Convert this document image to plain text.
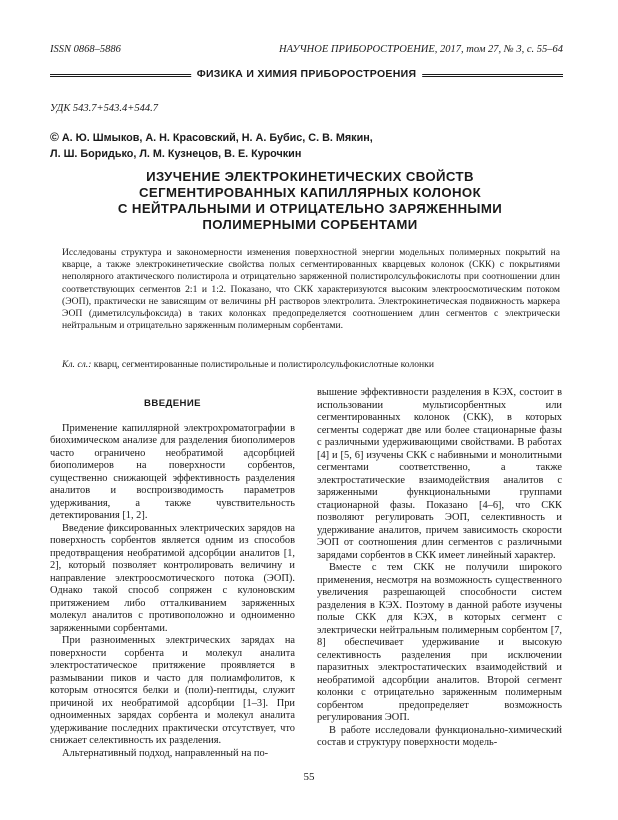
ISSN 0868–5886	НАУЧНОЕ ПРИБОРОСТРОЕНИЕ, 2017, том 27, № 3, c. 55–64
ФИЗИКА И ХИМИЯ ПРИБОРОСТРОЕНИЯ
УДК 543.7+543.4+544.7
© А. Ю. Шмыков, А. Н. Красовский, Н. А. Бубис, С. В. Мякин,
Л. Ш. Боридько, Л. М. Кузнецов, В. Е. Курочкин
ИЗУЧЕНИЕ ЭЛЕКТРОКИНЕТИЧЕСКИХ СВОЙСТВ
СЕГМЕНТИРОВАННЫХ КАПИЛЛЯРНЫХ КОЛОНОК
С НЕЙТРАЛЬНЫМИ И ОТРИЦАТЕЛЬНО ЗАРЯЖЕННЫМИ
ПОЛИМЕРНЫМИ СОРБЕНТАМИ
Исследованы структура и закономерности изменения поверхностной энергии модельных полимерных покрытий на кварце, а также электрокинетические свойства полых сегментированных кварцевых колонок (СКК) с покрытиями неполярного атактического полистирола и отрицательно заряженной полистиролсульфокислоты при соотношении длин соответствующих сегментов 2:1 и 1:2. Показано, что СКК характеризуются высоким электроосмотическим потоком (ЭОП), практически не зависящим от величины pH растворов электролита. Электрокинетическая подвижность маркера ЭОП (диметилсульфоксида) в таких колонках предопределяется соотношением длин сегментов с электрически нейтральным и отрицательно заряженным полимерным сорбентами.
Кл. сл.: кварц, сегментированные полистирольные и полистиролсульфокислотные колонки

ВВЕДЕНИЕ

Применение капиллярной электрохроматографии в биохимическом анализе для разделения биополимеров часто ограничено необратимой адсорбцией биополимеров на поверхности сорбентов, существенно снижающей эффективность разделения аналитов и воспроизводимость параметров удерживания, а также чувствительность детектирования [1, 2].

Введение фиксированных электрических зарядов на поверхность сорбентов является одним из способов предотвращения необратимой адсорбции аналитов [1, 2], который позволяет контролировать величину и направление электроосмотического потока (ЭОП). Однако такой способ сопряжен с кулоновским притяжением либо отталкиванием заряженных молекул аналитов с противоположно и одноименно заряженными сорбентами.

При разноименных электрических зарядах на поверхности сорбента и молекул аналита электростатическое притяжение проявляется в размывании пиков и часто для полиамфолитов, к которым относятся белки и (поли)-пептиды, служит причиной их необратимой адсорбции [1–3]. При одноименных зарядах сорбента и молекул аналита удерживание последних практически отсутствует, что снижает селективность их разделения.

Альтернативный подход, направленный на по-

вышение эффективности разделения в КЭХ, состоит в использовании мультисорбентных или сегментированных колонок (СКК), в которых сегменты содержат две или более стационарные фазы с различными удерживающими свойствами. В работах [4] и [5, 6] изучены СКК с набивными и монолитными сегментами соответственно, а также электростатические взаимодействия аналитов с заряженными функциональными группами стационарной фазы. Показано [4–6], что СКК позволяют регулировать ЭОП, селективность и удерживание аналитов, причем зависимость скорости ЭОП от соотношения длин сегментов с различными зарядами сорбентов в СКК имеет линейный характер.

Вместе с тем СКК не получили широкого применения, несмотря на возможность существенного увеличения разрешающей способности систем разделения в КЭХ. Поэтому в данной работе изучены полые СКК для КЭХ, в которых сегмент с электрически нейтральным полимерным сорбентом [7, 8] обеспечивает удерживание и высокую селективность разделения при исключении паразитных электростатических взаимодействий и необратимой адсорбции аналитов. Второй сегмент колонки с отрицательно заряженным полимерным сорбентом предопределяет возможность регулирования ЭОП.

В работе исследовали функционально-химический состав и структуру поверхности модель-

55
